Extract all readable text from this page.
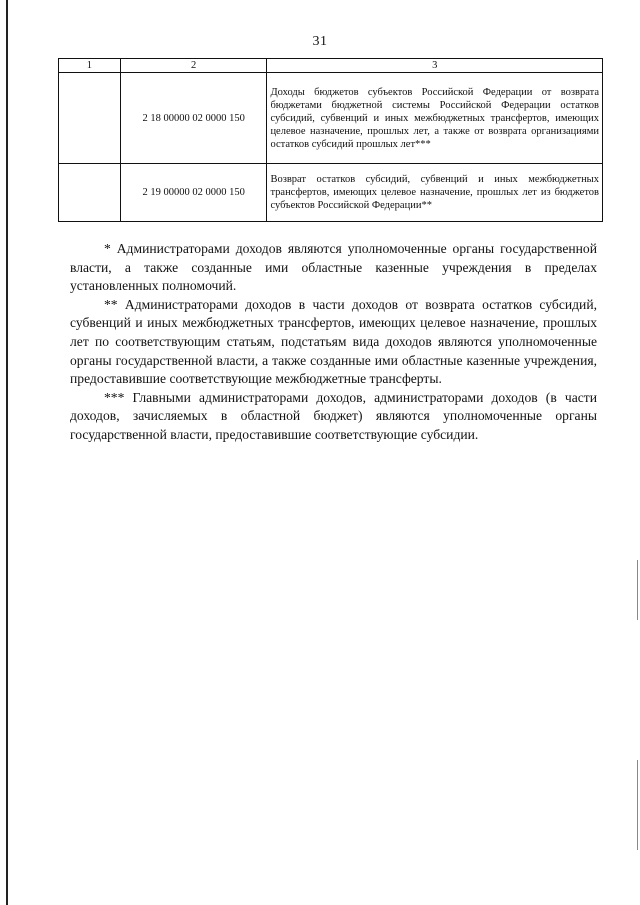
31
1	2	3
	2 18 00000 02 0000 150	Доходы бюджетов субъектов Российской Федерации от возврата бюджетами бюджетной системы Российской Федерации остатков субсидий, субвенций и иных межбюджетных трансфертов, имеющих целевое назначение, прошлых лет, а также от возврата организациями остатков субсидий прошлых лет***
	2 19 00000 02 0000 150	Возврат остатков субсидий, субвенций и иных межбюджетных трансфертов, имеющих целевое назначение, прошлых лет из бюджетов субъектов Российской Федерации**

* Администраторами доходов являются уполномоченные органы государственной власти, а также созданные ими областные казенные учреждения в пределах установленных полномочий.

** Администраторами доходов в части доходов от возврата остатков субсидий, субвенций и иных межбюджетных трансфертов, имеющих целевое назначение, прошлых лет по соответствующим статьям, подстатьям вида доходов являются уполномоченные органы государственной власти, а также созданные ими областные казенные учреждения, предоставившие соответствующие межбюджетные трансферты.

*** Главными администраторами доходов, администраторами доходов (в части доходов, зачисляемых в областной бюджет) являются уполномоченные органы государственной власти, предоставившие соответствующие субсидии.
